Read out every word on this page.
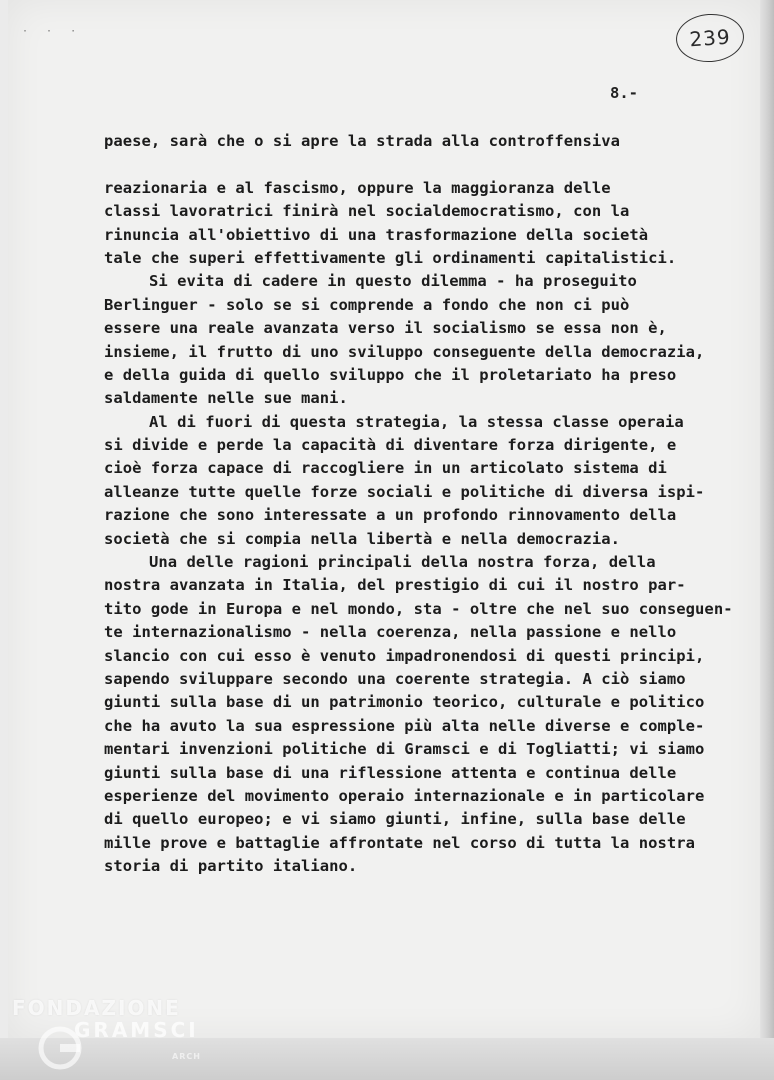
· · ·	239
8.-
paese, sarà che o si apre la strada alla controffensiva
reazionaria e al fascismo, oppure la maggioranza delle
classi lavoratrici finirà nel socialdemocratismo, con la
rinuncia all'obiettivo di una trasformazione della società
tale che superi effettivamente gli ordinamenti capitalistici.
Si evita di cadere in questo dilemma - ha proseguito
Berlinguer - solo se si comprende a fondo che non ci può
essere una reale avanzata verso il socialismo se essa non è,
insieme, il frutto di uno sviluppo conseguente della democrazia,
e della guida di quello sviluppo che il proletariato ha preso
saldamente nelle sue mani.
Al di fuori di questa strategia, la stessa classe operaia
si divide e perde la capacità di diventare forza dirigente, e
cioè forza capace di raccogliere in un articolato sistema di
alleanze tutte quelle forze sociali e politiche di diversa ispi-
razione che sono interessate a un profondo rinnovamento della
società che si compia nella libertà e nella democrazia.
Una delle ragioni principali della nostra forza, della
nostra avanzata in Italia, del prestigio di cui il nostro par-
tito gode in Europa e nel mondo, sta - oltre che nel suo conseguen-
te internazionalismo - nella coerenza, nella passione e nello
slancio con cui esso è venuto impadronendosi di questi principi,
sapendo sviluppare secondo una coerente strategia. A ciò siamo
giunti sulla base di un patrimonio teorico, culturale e politico
che ha avuto la sua espressione più alta nelle diverse e comple-
mentari invenzioni politiche di Gramsci e di Togliatti; vi siamo
giunti sulla base di una riflessione attenta e continua delle
esperienze del movimento operaio internazionale e in particolare
di quello europeo; e vi siamo giunti, infine, sulla base delle
mille prove e battaglie affrontate nel corso di tutta la nostra
storia di partito italiano.
FONDAZIONE
GRAMSCI
ARCH
